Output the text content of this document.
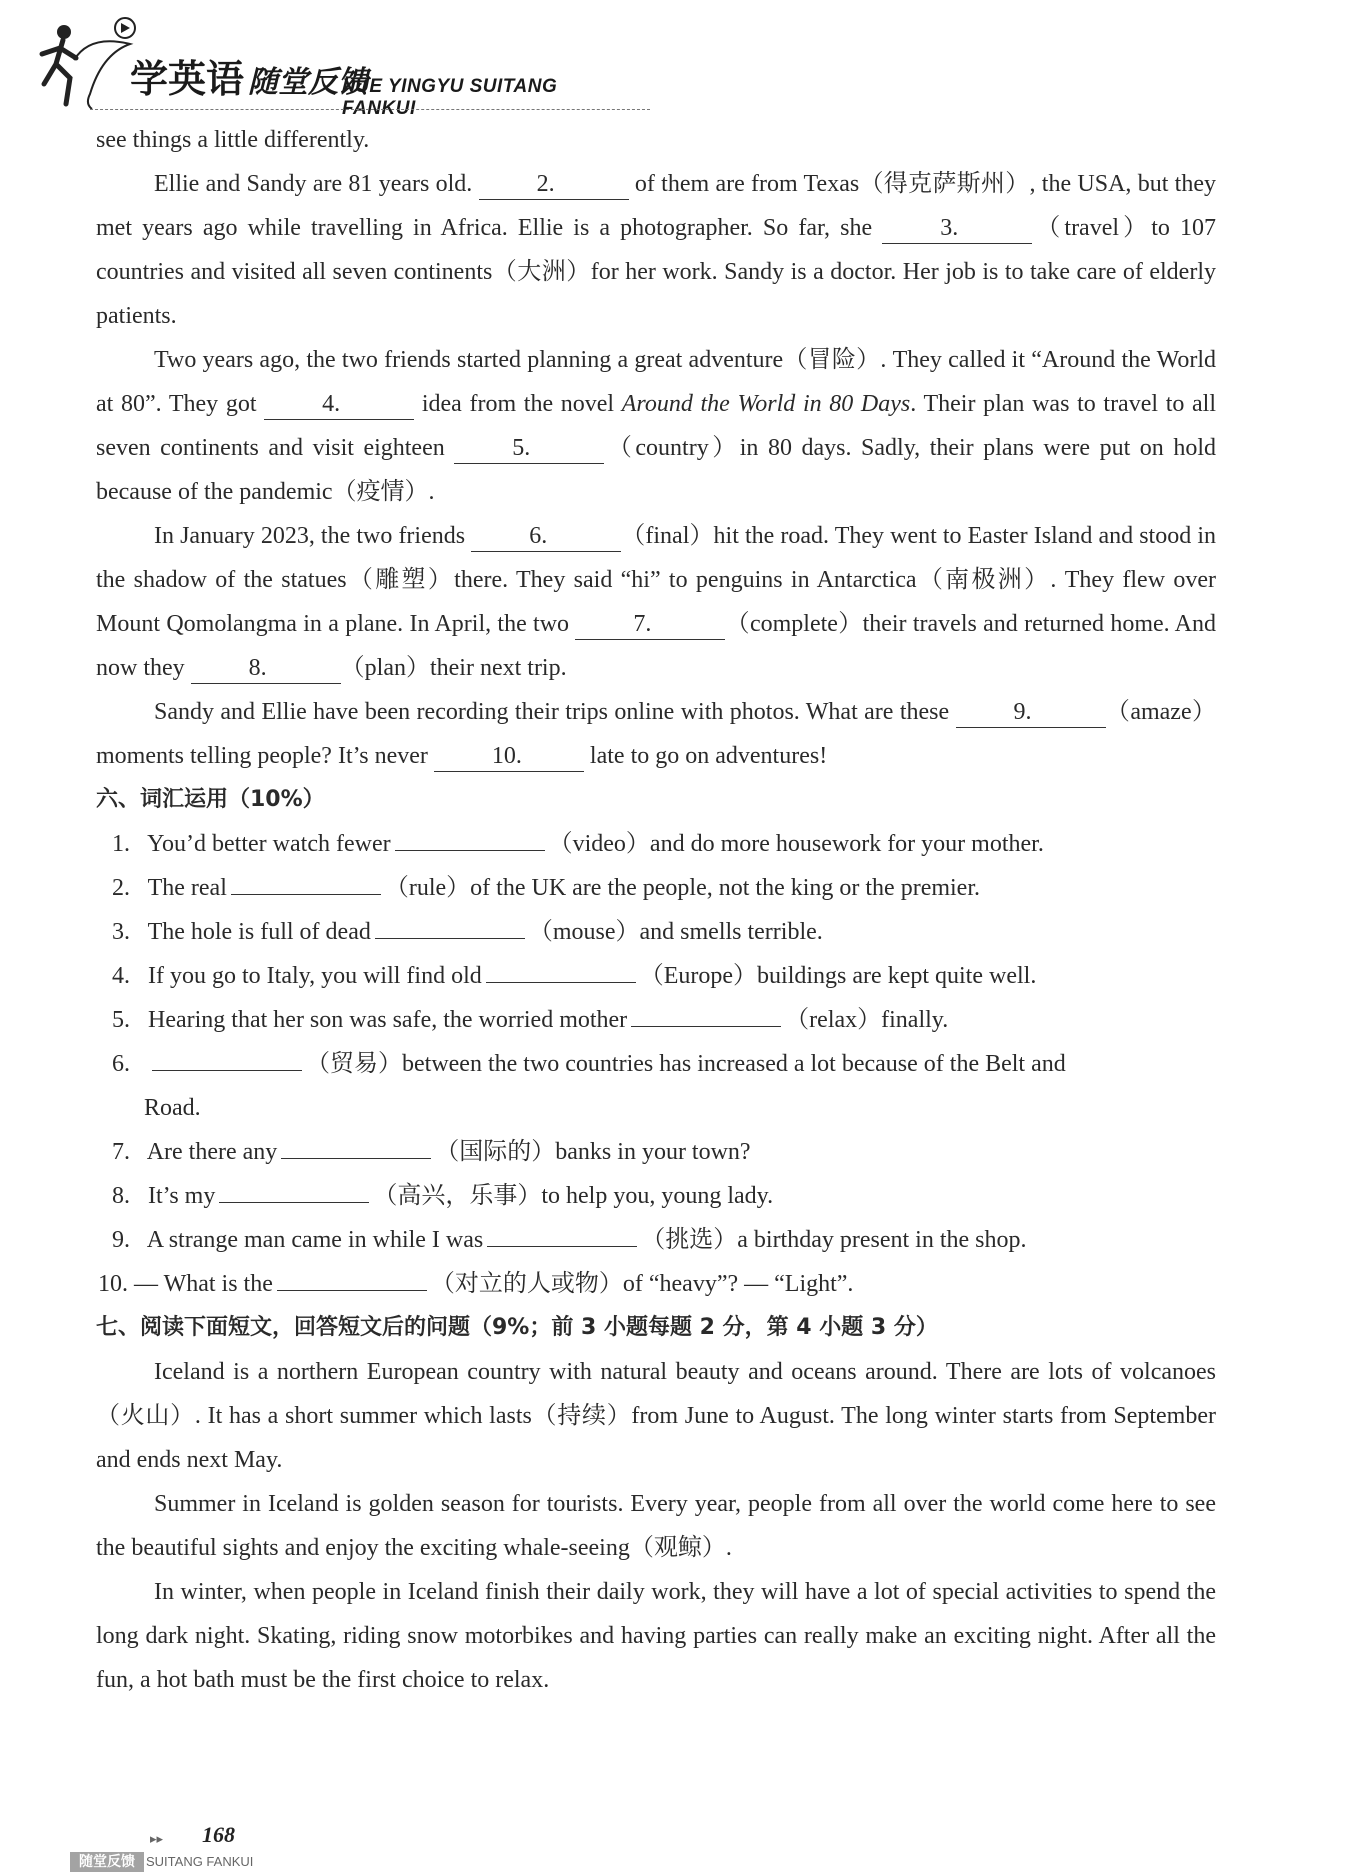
学英语 随堂反馈
XUE YINGYU SUITANG FANKUI

see things a little differently.

Ellie and Sandy are 81 years old. 2.	of them are from Texas（得克萨斯州）, the USA, but they met years ago while travelling in Africa. Ellie is a photographer. So far, she 3.	（travel）to 107 countries and visited all seven continents（大洲）for her work. Sandy is a doctor. Her job is to take care of elderly patients.

Two years ago, the two friends started planning a great adventure（冒险）. They called it “Around the World at 80”. They got 4.	idea from the novel Around the World in 80 Days. Their plan was to travel to all seven continents and visit eighteen 5.	（country）in 80 days. Sadly, their plans were put on hold because of the pandemic（疫情）.

In January 2023, the two friends 6.	（final）hit the road. They went to Easter Island and stood in the shadow of the statues（雕塑）there. They said “hi” to penguins in Antarctica（南极洲）. They flew over Mount Qomolangma in a plane. In April, the two 7.	（complete）their travels and returned home. And now they 8.	（plan）their next trip.

Sandy and Ellie have been recording their trips online with photos. What are these 9.	（amaze）moments telling people? It’s never 10.	late to go on adventures!

六、词汇运用（10%）
1. You’d better watch fewer	（video）and do more housework for your mother.
2. The real	（rule）of the UK are the people, not the king or the premier.
3. The hole is full of dead	（mouse）and smells terrible.
4. If you go to Italy, you will find old	（Europe）buildings are kept quite well.
5. Hearing that her son was safe, the worried mother	（relax）finally.
6.	（贸易）between the two countries has increased a lot because of the Belt and
Road.
7. Are there any	（国际的）banks in your town?
8. It’s my	（高兴，乐事）to help you, young lady.
9. A strange man came in while I was	（挑选）a birthday present in the shop.
10. — What is the	（对立的人或物）of “heavy”? — “Light”.
七、阅读下面短文，回答短文后的问题（9%；前 3 小题每题 2 分，第 4 小题 3 分）

Iceland is a northern European country with natural beauty and oceans around. There are lots of volcanoes（火山）. It has a short summer which lasts（持续）from June to August. The long winter starts from September and ends next May.

Summer in Iceland is golden season for tourists. Every year, people from all over the world come here to see the beautiful sights and enjoy the exciting whale-seeing（观鲸）.

In winter, when people in Iceland finish their daily work, they will have a lot of special activities to spend the long dark night. Skating, riding snow motorbikes and having parties can really make an exciting night. After all the fun, a hot bath must be the first choice to relax.

▸▸ 168
随堂反馈 SUITANG FANKUI
